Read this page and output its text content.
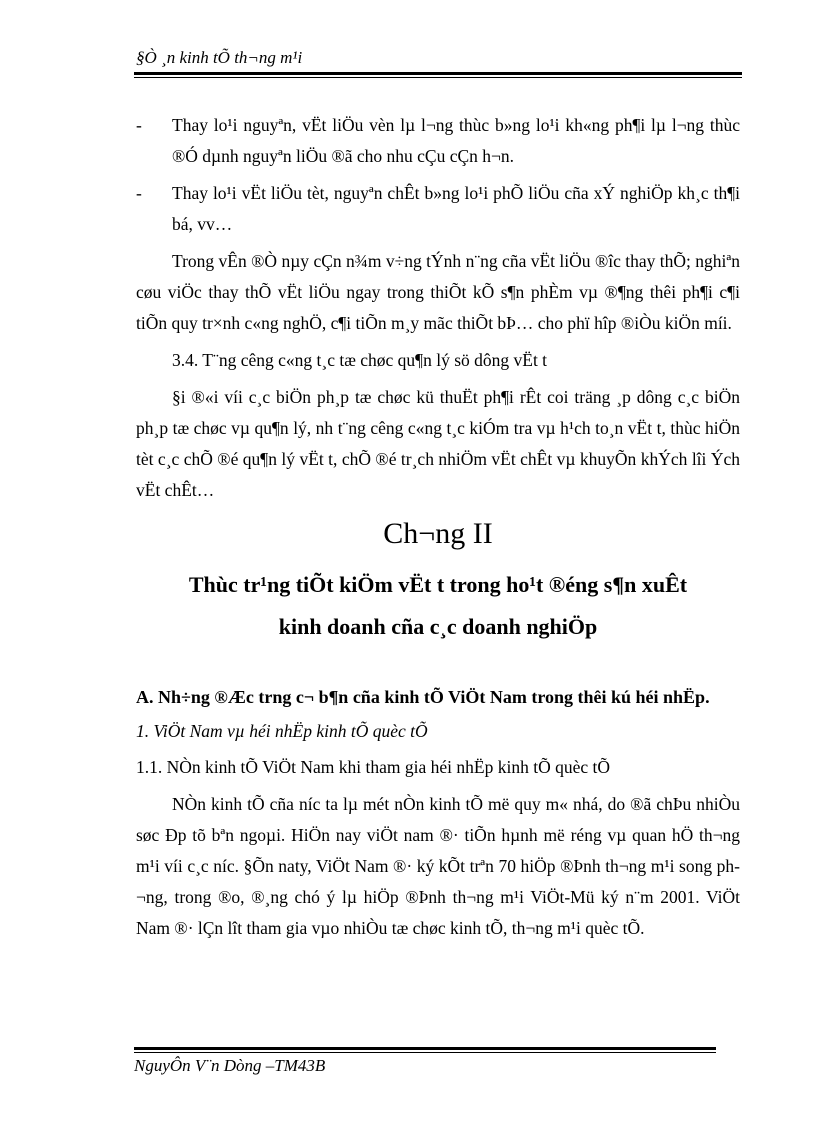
§Ò ¸n kinh tÕ th¬ng m¹i

- Thay lo¹i nguyªn, vËt liÖu vèn lµ l¬ng thùc b»ng lo¹i kh«ng ph¶i lµ l¬ng thùc ®Ó dµnh nguyªn liÖu ®ã cho nhu cÇu cÇn h¬n.

- Thay lo¹i vËt liÖu tèt, nguyªn chÊt b»ng lo¹i phÕ liÖu cña xÝ nghiÖp kh¸c th¶i bá, vv…

Trong vÊn ®Ò nµy cÇn n¾m v÷ng tÝnh n¨ng cña vËt liÖu ®îc thay thÕ; nghiªn cøu viÖc thay thÕ vËt liÖu ngay trong thiÕt kÕ s¶n phÈm vµ ®¶ng thêi ph¶i c¶i tiÕn quy tr×nh c«ng nghÖ, c¶i tiÕn m¸y mãc thiÕt bÞ… cho phï hîp ®iÒu kiÖn míi.

3.4. T¨ng cêng c«ng t¸c tæ chøc qu¶n lý sö dông vËt t

§i ®«i víi c¸c biÖn ph¸p tæ chøc kü thuËt ph¶i rÊt coi träng ¸p dông c¸c biÖn ph¸p tæ chøc vµ qu¶n lý, nh t¨ng cêng c«ng t¸c kiÓm tra vµ h¹ch to¸n vËt t, thùc hiÖn tèt c¸c chÕ ®é qu¶n lý vËt t, chÕ ®é tr¸ch nhiÖm vËt chÊt vµ khuyÕn khÝch lîi Ých vËt chÊt…

Ch¬ng II
Thùc tr¹ng tiÕt kiÖm vËt t trong ho¹t ®éng s¶n xuÊt
kinh doanh cña c¸c doanh nghiÖp

A. Nh÷ng ®Æc trng c¬ b¶n cña kinh tÕ ViÖt Nam trong thêi kú héi nhËp.

1. ViÖt Nam vµ héi nhËp kinh tÕ quèc tÕ

1.1. NÒn kinh tÕ ViÖt Nam khi tham gia héi nhËp kinh tÕ quèc tÕ

NÒn kinh tÕ cña níc ta lµ mét nÒn kinh tÕ më quy m« nhá, do ®ã chÞu nhiÒu søc Ðp tõ bªn ngoµi. HiÖn nay viÖt nam ®· tiÕn hµnh më réng vµ quan hÖ th¬ng m¹i víi c¸c níc. §Õn naty, ViÖt Nam ®· ký kÕt trªn 70 hiÖp ®Þnh th¬ng m¹i song ph¬ng, trong ®o, ®¸ng chó ý lµ hiÖp ®Þnh th¬ng m¹i ViÖt-Mü ký n¨m 2001. ViÖt Nam ®· lÇn lît tham gia vµo nhiÒu tæ chøc kinh tÕ, th¬ng m¹i quèc tÕ.

NguyÔn V¨n Dòng –TM43B
